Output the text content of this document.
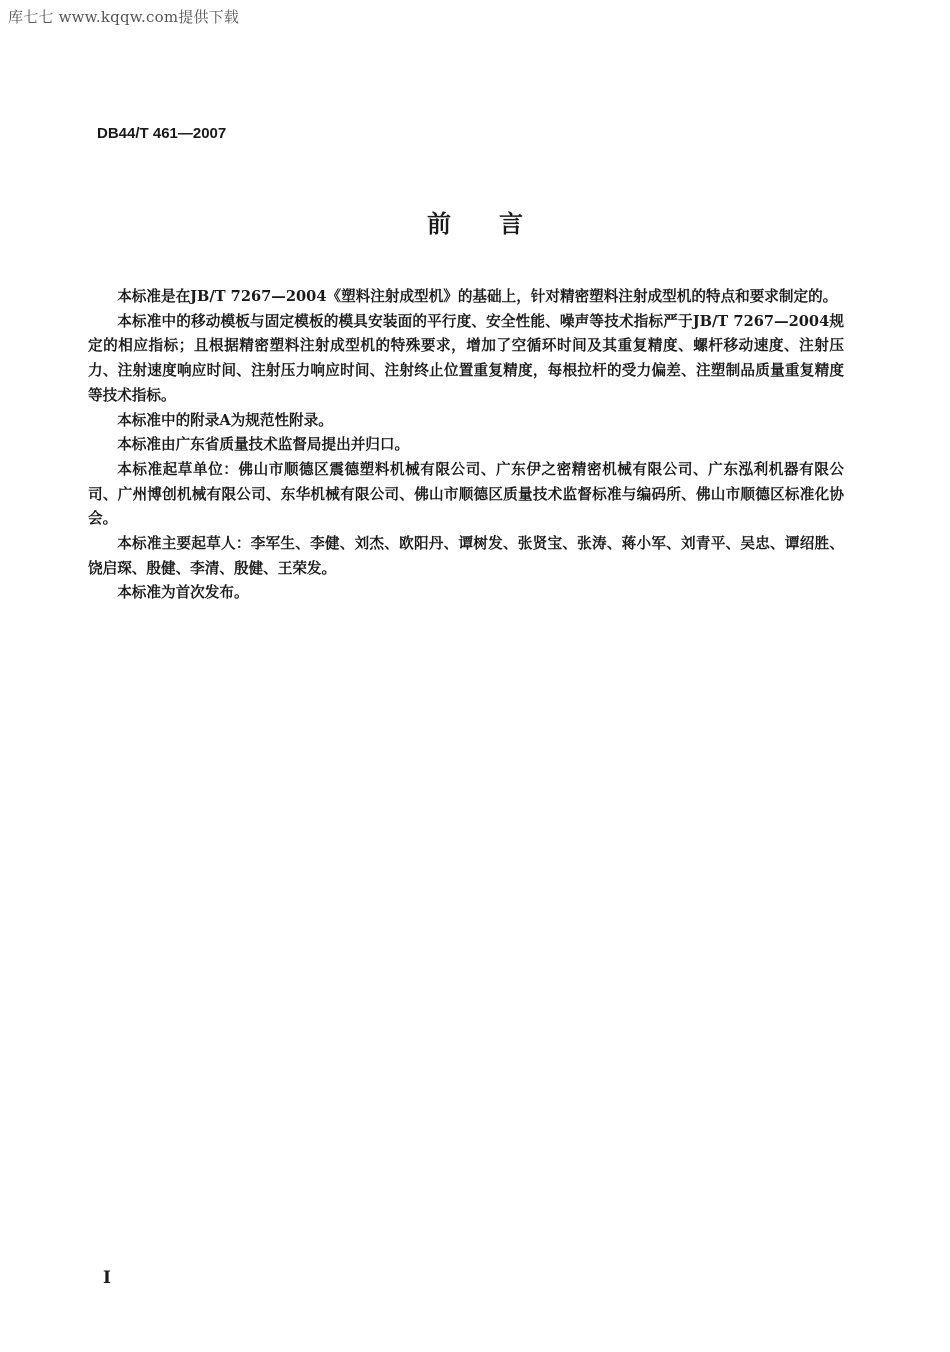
库七七 www.kqqw.com提供下载
DB44/T 461—2007
前 言

本标准是在JB/T 7267—2004《塑料注射成型机》的基础上，针对精密塑料注射成型机的特点和要求制定的。

本标准中的移动模板与固定模板的模具安装面的平行度、安全性能、噪声等技术指标严于JB/T 7267—2004规定的相应指标；且根据精密塑料注射成型机的特殊要求，增加了空循环时间及其重复精度、螺杆移动速度、注射压力、注射速度响应时间、注射压力响应时间、注射终止位置重复精度，每根拉杆的受力偏差、注塑制品质量重复精度等技术指标。

本标准中的附录A为规范性附录。

本标准由广东省质量技术监督局提出并归口。

本标准起草单位：佛山市顺德区震德塑料机械有限公司、广东伊之密精密机械有限公司、广东泓利机器有限公司、广州博创机械有限公司、东华机械有限公司、佛山市顺德区质量技术监督标准与编码所、佛山市顺德区标准化协会。

本标准主要起草人：李军生、李健、刘杰、欧阳丹、谭树发、张贤宝、张涛、蒋小军、刘青平、吴忠、谭绍胜、饶启琛、殷健、李清、殷健、王荣发。

本标准为首次发布。

I
